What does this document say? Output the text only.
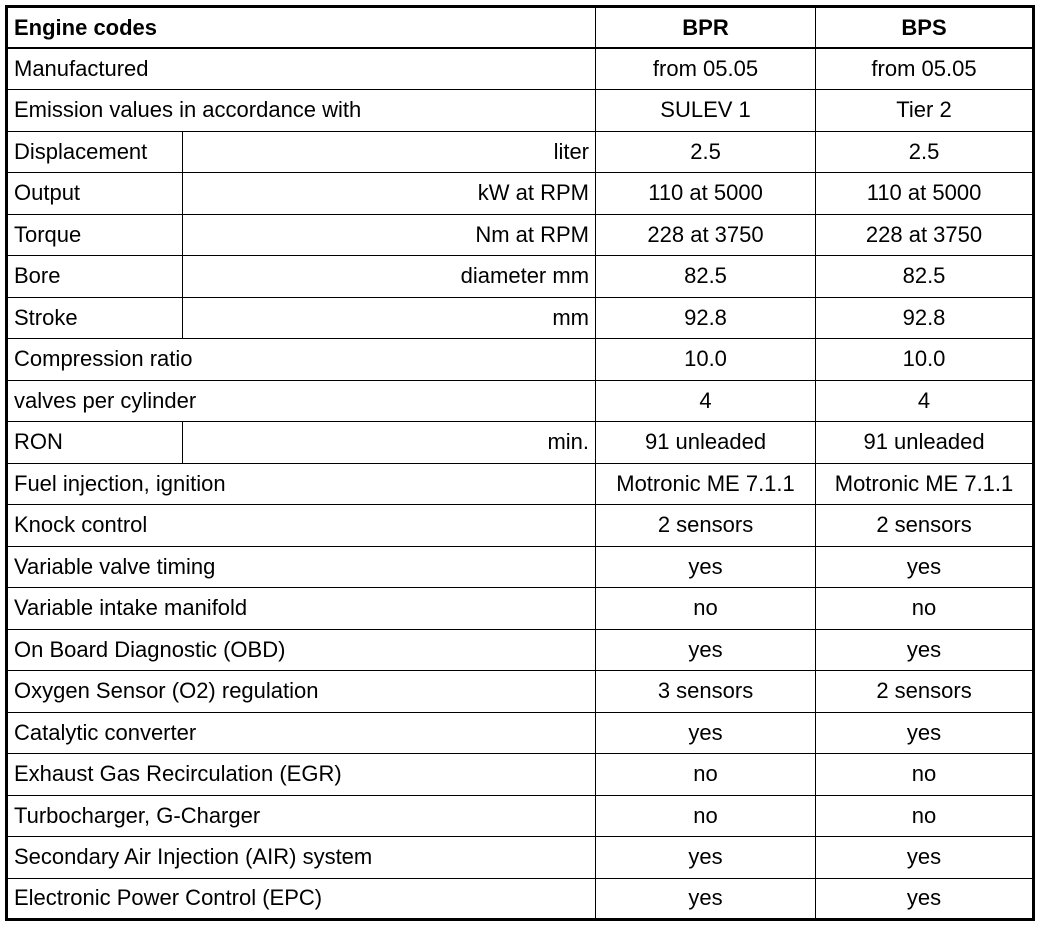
Engine codes		BPR	BPS
Manufactured		from 05.05	from 05.05
Emission values in accordance with		SULEV 1	Tier 2
Displacement	liter	2.5	2.5
Output	kW at RPM	110 at 5000	110 at 5000
Torque	Nm at RPM	228 at 3750	228 at 3750
Bore	diameter mm	82.5	82.5
Stroke	mm	92.8	92.8
Compression ratio		10.0	10.0
valves per cylinder		4	4
RON	min.	91 unleaded	91 unleaded
Fuel injection, ignition		Motronic ME 7.1.1	Motronic ME 7.1.1
Knock control		2 sensors	2 sensors
Variable valve timing		yes	yes
Variable intake manifold		no	no
On Board Diagnostic (OBD)		yes	yes
Oxygen Sensor (O2) regulation		3 sensors	2 sensors
Catalytic converter		yes	yes
Exhaust Gas Recirculation (EGR)		no	no
Turbocharger, G-Charger		no	no
Secondary Air Injection (AIR) system		yes	yes
Electronic Power Control (EPC)		yes	yes
